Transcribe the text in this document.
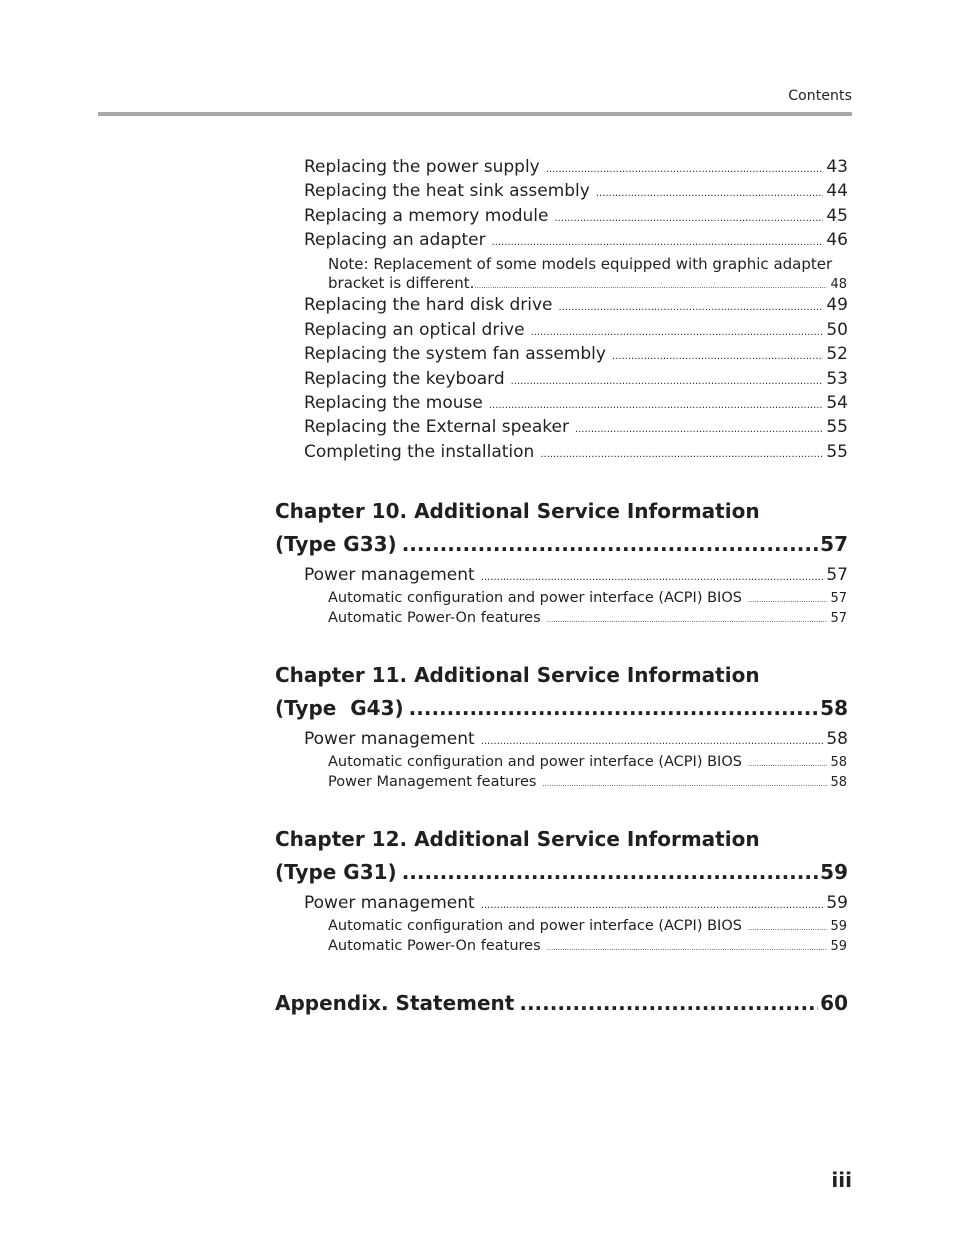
Contents
Replacing the power supply .....	43
Replacing the heat sink assembly .....	44
Replacing a memory module .....	45
Replacing an adapter .....	46
Note: Replacement of some models equipped with graphic adapter
bracket is different. .....	48
Replacing the hard disk drive .....	49
Replacing an optical drive .....	50
Replacing the system fan assembly .....	52
Replacing the keyboard .....	53
Replacing the mouse .....	54
Replacing the External speaker .....	55
Completing the installation .....	55
Chapter 10. Additional Service Information
(Type G33) .....	57
Power management .....	57
Automatic configuration and power interface (ACPI) BIOS .....	57
Automatic Power-On features .....	57
Chapter 11. Additional Service Information
(Type  G43) .....	58
Power management .....	58
Automatic configuration and power interface (ACPI) BIOS .....	58
Power Management features .....	58
Chapter 12. Additional Service Information
(Type G31) .....	59
Power management .....	59
Automatic configuration and power interface (ACPI) BIOS .....	59
Automatic Power-On features .....	59
Appendix. Statement .....	60
iii
